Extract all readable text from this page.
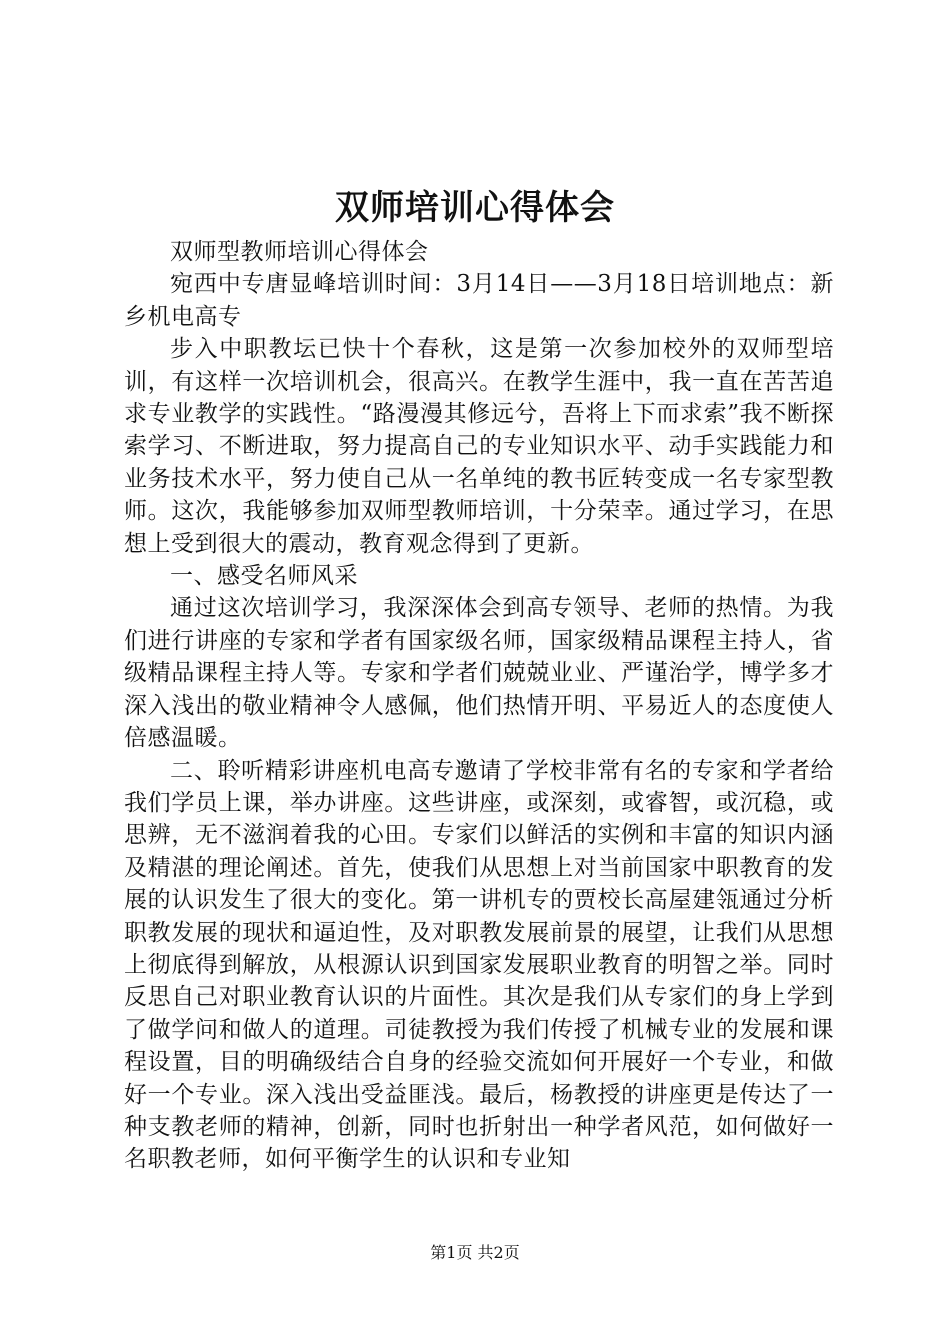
双师培训心得体会

双师型教师培训心得体会

宛西中专唐显峰培训时间：3月14日——3月18日培训地点：新乡机电高专

步入中职教坛已快十个春秋，这是第一次参加校外的双师型培训，有这样一次培训机会，很高兴。在教学生涯中，我一直在苦苦追求专业教学的实践性。“路漫漫其修远兮，吾将上下而求索”我不断探索学习、不断进取，努力提高自己的专业知识水平、动手实践能力和业务技术水平，努力使自己从一名单纯的教书匠转变成一名专家型教师。这次，我能够参加双师型教师培训，十分荣幸。通过学习，在思想上受到很大的震动，教育观念得到了更新。

一、感受名师风采

通过这次培训学习，我深深体会到高专领导、老师的热情。为我们进行讲座的专家和学者有国家级名师，国家级精品课程主持人，省级精品课程主持人等。专家和学者们兢兢业业、严谨治学，博学多才深入浅出的敬业精神令人感佩，他们热情开明、平易近人的态度使人倍感温暖。

二、聆听精彩讲座机电高专邀请了学校非常有名的专家和学者给我们学员上课，举办讲座。这些讲座，或深刻，或睿智，或沉稳，或思辨，无不滋润着我的心田。专家们以鲜活的实例和丰富的知识内涵及精湛的理论阐述。首先，使我们从思想上对当前国家中职教育的发展的认识发生了很大的变化。第一讲机专的贾校长高屋建瓴通过分析职教发展的现状和逼迫性，及对职教发展前景的展望，让我们从思想上彻底得到解放，从根源认识到国家发展职业教育的明智之举。同时反思自己对职业教育认识的片面性。其次是我们从专家们的身上学到了做学问和做人的道理。司徒教授为我们传授了机械专业的发展和课程设置，目的明确级结合自身的经验交流如何开展好一个专业，和做好一个专业。深入浅出受益匪浅。最后，杨教授的讲座更是传达了一种支教老师的精神，创新，同时也折射出一种学者风范，如何做好一名职教老师，如何平衡学生的认识和专业知

第1页 共2页
